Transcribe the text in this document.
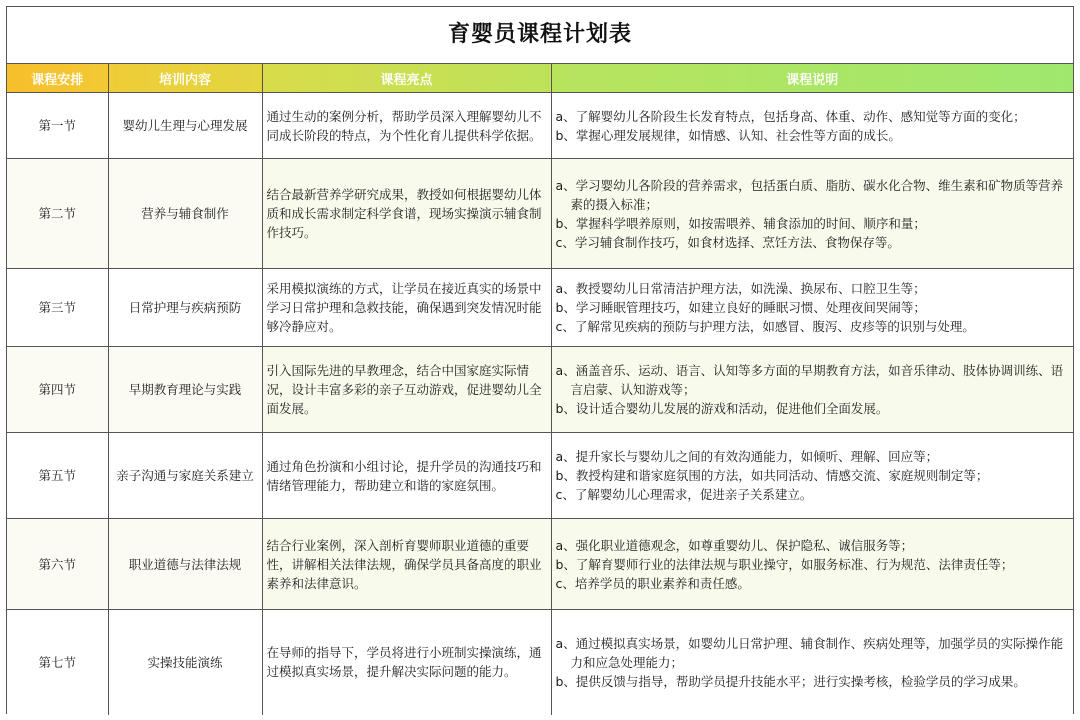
育婴员课程计划表
课程安排	培训内容	课程亮点	课程说明
第一节	婴幼儿生理与心理发展	通过生动的案例分析，帮助学员深入理解婴幼儿不同成长阶段的特点，为个性化育儿提供科学依据。	a、了解婴幼儿各阶段生长发育特点，包括身高、体重、动作、感知觉等方面的变化；
b、掌握心理发展规律，如情感、认知、社会性等方面的成长。

第二节	营养与辅食制作	结合最新营养学研究成果，教授如何根据婴幼儿体质和成长需求制定科学食谱，现场实操演示辅食制作技巧。	a、学习婴幼儿各阶段的营养需求，包括蛋白质、脂肪、碳水化合物、维生素和矿物质等营养素的摄入标准；
b、掌握科学喂养原则，如按需喂养、辅食添加的时间、顺序和量；
c、学习辅食制作技巧，如食材选择、烹饪方法、食物保存等。

第三节	日常护理与疾病预防	采用模拟演练的方式，让学员在接近真实的场景中学习日常护理和急救技能，确保遇到突发情况时能够冷静应对。	a、教授婴幼儿日常清洁护理方法，如洗澡、换尿布、口腔卫生等；
b、学习睡眠管理技巧，如建立良好的睡眠习惯、处理夜间哭闹等；
c、了解常见疾病的预防与护理方法，如感冒、腹泻、皮疹等的识别与处理。

第四节	早期教育理论与实践	引入国际先进的早教理念，结合中国家庭实际情况，设计丰富多彩的亲子互动游戏，促进婴幼儿全面发展。	a、涵盖音乐、运动、语言、认知等多方面的早期教育方法，如音乐律动、肢体协调训练、语言启蒙、认知游戏等；
b、设计适合婴幼儿发展的游戏和活动，促进他们全面发展。

第五节	亲子沟通与家庭关系建立	通过角色扮演和小组讨论，提升学员的沟通技巧和情绪管理能力，帮助建立和谐的家庭氛围。	a、提升家长与婴幼儿之间的有效沟通能力，如倾听、理解、回应等；
b、教授构建和谐家庭氛围的方法，如共同活动、情感交流、家庭规则制定等；
c、了解婴幼儿心理需求，促进亲子关系建立。

第六节	职业道德与法律法规	结合行业案例，深入剖析育婴师职业道德的重要性，讲解相关法律法规，确保学员具备高度的职业素养和法律意识。	a、强化职业道德观念，如尊重婴幼儿、保护隐私、诚信服务等；
b、了解育婴师行业的法律法规与职业操守，如服务标准、行为规范、法律责任等；
c、培养学员的职业素养和责任感。

第七节	实操技能演练	在导师的指导下，学员将进行小班制实操演练，通过模拟真实场景，提升解决实际问题的能力。	a、通过模拟真实场景，如婴幼儿日常护理、辅食制作、疾病处理等，加强学员的实际操作能力和应急处理能力；
b、提供反馈与指导，帮助学员提升技能水平；进行实操考核，检验学员的学习成果。
